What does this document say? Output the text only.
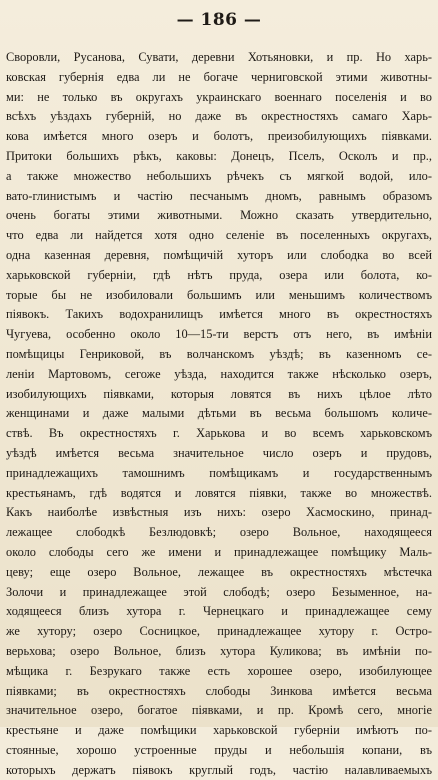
— 186 —
Своровли, Русанова, Сувати, деревни Хотьяновки, и пр. Но харь-
ковская губернія едва ли не богаче черниговской этими животны-
ми: не только въ округахъ украинскаго военнаго поселенія и во
всѣхъ уѣздахъ губерній, но даже въ окрестностяхъ самаго Харь-
кова имѣется много озеръ и болотъ, преизобилующихъ піявками.
Притоки большихъ рѣкъ, каковы: Донецъ, Пселъ, Осколъ и пр.,
а также множество небольшихъ рѣчекъ съ мягкой водой, ило-
вато-глинистымъ и частію песчанымъ дномъ, равнымъ образомъ
очень богаты этими животными. Можно сказать утвердительно,
что едва ли найдется хотя одно селеніе въ поселенныхъ округахъ,
одна казенная деревня, помѣщичій хуторъ или слободка во всей
харьковской губерніи, гдѣ нѣтъ пруда, озера или болота, ко-
торые бы не изобиловали большимъ или меньшимъ количествомъ
піявокъ. Такихъ водохранилищъ имѣется много въ окрестностяхъ
Чугуева, особенно около 10—15-ти верстъ отъ него, въ имѣніи
помѣщицы Генриковой, въ волчанскомъ уѣздѣ; въ казенномъ се-
леніи Мартовомъ, сегоже уѣзда, находится также нѣсколько озеръ,
изобилующихъ піявками, которыя ловятся въ нихъ цѣлое лѣто
женщинами и даже малыми дѣтьми въ весьма большомъ количе-
ствѣ. Въ окрестностяхъ г. Харькова и во всемъ харьковскомъ
уѣздѣ имѣется весьма значительное число озеръ и прудовъ,
принадлежащихъ тамошнимъ помѣщикамъ и государственнымъ
крестьянамъ, гдѣ водятся и ловятся піявки, также во множествѣ.
Какъ наиболѣе извѣстныя изъ нихъ: озеро Хасмоскино, принад-
лежащее слободкѣ Безлюдовкѣ; озеро Вольное, находящееся
около слободы сего же имени и принадлежащее помѣщику Маль-
цеву; еще озеро Вольное, лежащее въ окрестностяхъ мѣстечка
Золочи и принадлежащее этой слободѣ; озеро Безыменное, на-
ходящееся близъ хутора г. Чернецкаго и принадлежащее сему
же хутору; озеро Сосницкое, принадлежащее хутору г. Остро-
верьхова; озеро Вольное, близъ хутора Куликова; въ имѣніи по-
мѣщика г. Безрукаго также есть хорошее озеро, изобилующее
піявками; въ окрестностяхъ слободы Зинкова имѣется весьма
значительное озеро, богатое піявками, и пр. Кромѣ сего, многіе
крестьяне и даже помѣщики харьковской губерніи имѣютъ по-
стоянные, хорошо устроенные пруды и небольшія копани, въ
которыхъ держатъ піявокъ круглый годъ, частію налавливаемыхъ
